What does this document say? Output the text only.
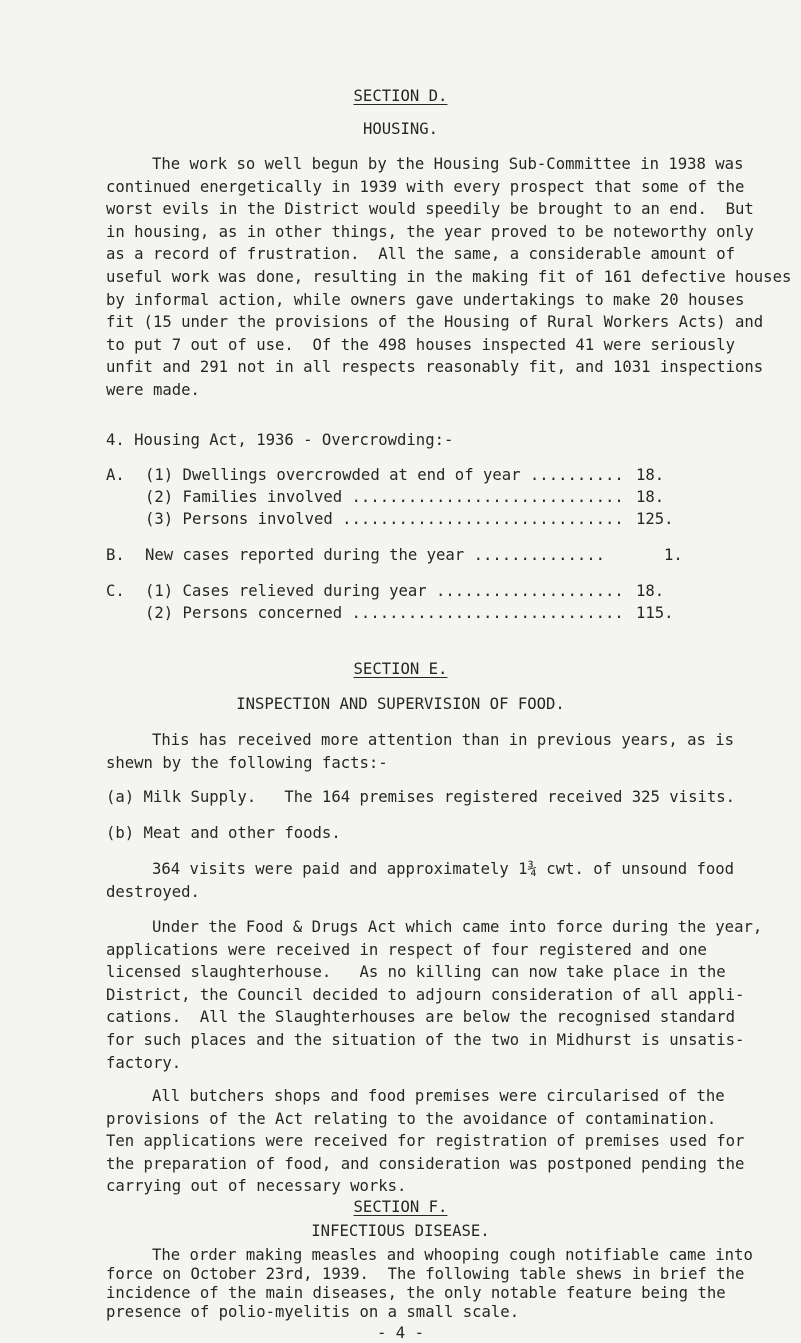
SECTION D.
HOUSING.
The work so well begun by the Housing Sub-Committee in 1938 was
continued energetically in 1939 with every prospect that some of the
worst evils in the District would speedily be brought to an end.  But
in housing, as in other things, the year proved to be noteworthy only
as a record of frustration.  All the same, a considerable amount of
useful work was done, resulting in the making fit of 161 defective houses
by informal action, while owners gave undertakings to make 20 houses
fit (15 under the provisions of the Housing of Rural Workers Acts) and
to put 7 out of use.  Of the 498 houses inspected 41 were seriously
unfit and 291 not in all respects reasonably fit, and 1031 inspections
were made.
4. Housing Act, 1936 - Overcrowding:-
A. (1) Dwellings overcrowded at end of year .......... 18.
(2) Families involved ............................. 18.
(3) Persons involved .............................. 125.
B. New cases reported during the year ..............	1.
C. (1) Cases relieved during year .................... 18.
(2) Persons concerned ............................. 115.
SECTION E.
INSPECTION AND SUPERVISION OF FOOD.
This has received more attention than in previous years, as is
shewn by the following facts:-
(a) Milk Supply.   The 164 premises registered received 325 visits.
(b) Meat and other foods.
364 visits were paid and approximately 1¾ cwt. of unsound food
destroyed.
Under the Food & Drugs Act which came into force during the year,
applications were received in respect of four registered and one
licensed slaughterhouse.   As no killing can now take place in the
District, the Council decided to adjourn consideration of all appli-
cations.  All the Slaughterhouses are below the recognised standard
for such places and the situation of the two in Midhurst is unsatis-
factory.
All butchers shops and food premises were circularised of the
provisions of the Act relating to the avoidance of contamination.
Ten applications were received for registration of premises used for
the preparation of food, and consideration was postponed pending the
carrying out of necessary works.
SECTION F.
INFECTIOUS DISEASE.
The order making measles and whooping cough notifiable came into
force on October 23rd, 1939.  The following table shews in brief the
incidence of the main diseases, the only notable feature being the
presence of polio-myelitis on a small scale.
- 4 -
